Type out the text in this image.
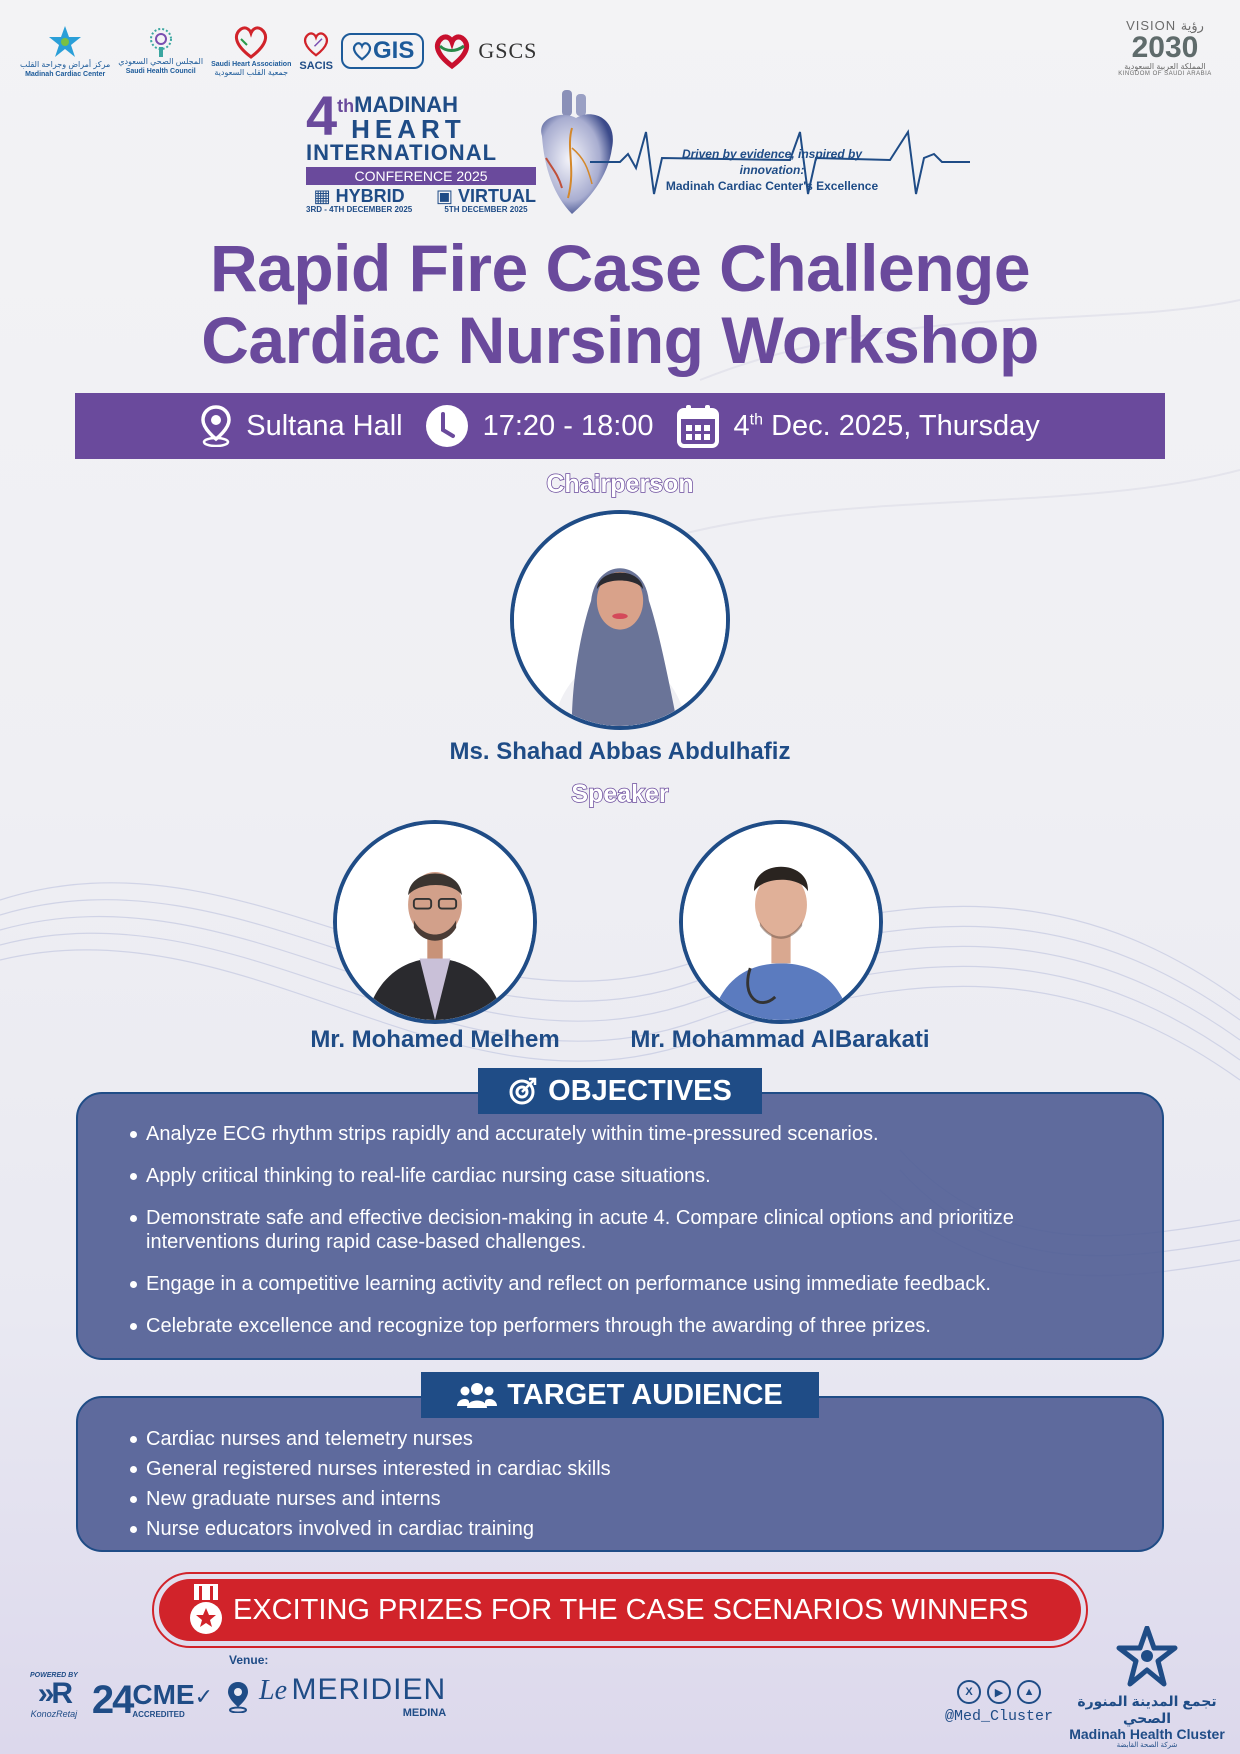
مركز أمراض وجراحة القلب
Madinah Cardiac Center
المجلس الصحي السعودي
Saudi Health Council
Saudi Heart Association
جمعية القلب السعودية
SACIS
GIS	GSCS
VISION رؤية
2030
المملكة العربية السعودية
KINGDOM OF SAUDI ARABIA
4 th MADINAH
HEART
INTERNATIONAL
CONFERENCE 2025
▦ HYBRID
3RD - 4TH DECEMBER 2025
▣ VIRTUAL
5TH DECEMBER 2025
Driven by evidence, inspired by innovation:
Madinah Cardiac Center's Excellence
Rapid Fire Case Challenge
Cardiac Nursing Workshop
Sultana Hall	17:20 - 18:00	4th Dec. 2025, Thursday
Chairperson
Ms. Shahad Abbas Abdulhafiz
Speaker
Mr. Mohamed Melhem	Mr. Mohammad AlBarakati
Analyze ECG rhythm strips rapidly and accurately within time-pressured scenarios.
Apply critical thinking to real-life cardiac nursing case situations.
Demonstrate safe and effective decision-making in acute 4. Compare clinical options and prioritize interventions during rapid case-based challenges.
Engage in a competitive learning activity and reflect on performance using immediate feedback.
Celebrate excellence and recognize top performers through the awarding of three prizes.
OBJECTIVES
Cardiac nurses and telemetry nurses
General registered nurses interested in cardiac skills
New graduate nurses and interns
Nurse educators involved in cardiac training
TARGET AUDIENCE
EXCITING PRIZES FOR THE CASE SCENARIOS WINNERS
POWERED BY
»R
KonozRetaj 24 CME✓
ACCREDITED
Venue:
Le MERIDIEN
MEDINA
X	▶	▲
@Med_Cluster
تجمع المدينة المنورة الصحي
Madinah Health Cluster
شركة الصحة القابضة
